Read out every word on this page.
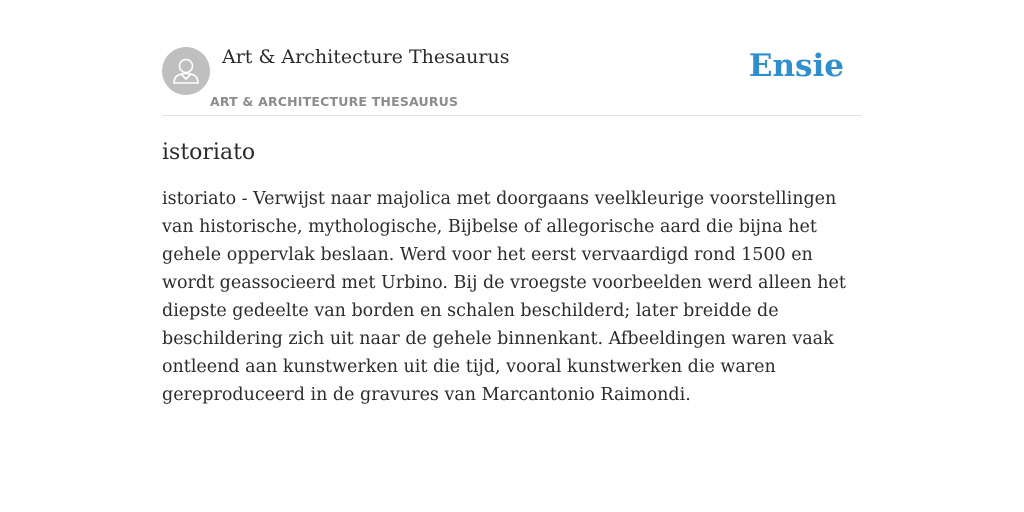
Art & Architecture Thesaurus
ART & ARCHITECTURE THESAURUS
Ensie
istoriato

istoriato - Verwijst naar majolica met doorgaans veelkleurige voorstellingen van historische, mythologische, Bijbelse of allegorische aard die bijna het gehele oppervlak beslaan. Werd voor het eerst vervaardigd rond 1500 en wordt geassocieerd met Urbino. Bij de vroegste voorbeelden werd alleen het diepste gedeelte van borden en schalen beschilderd; later breidde de beschildering zich uit naar de gehele binnenkant. Afbeeldingen waren vaak ontleend aan kunstwerken uit die tijd, vooral kunstwerken die waren gereproduceerd in de gravures van Marcantonio Raimondi.
